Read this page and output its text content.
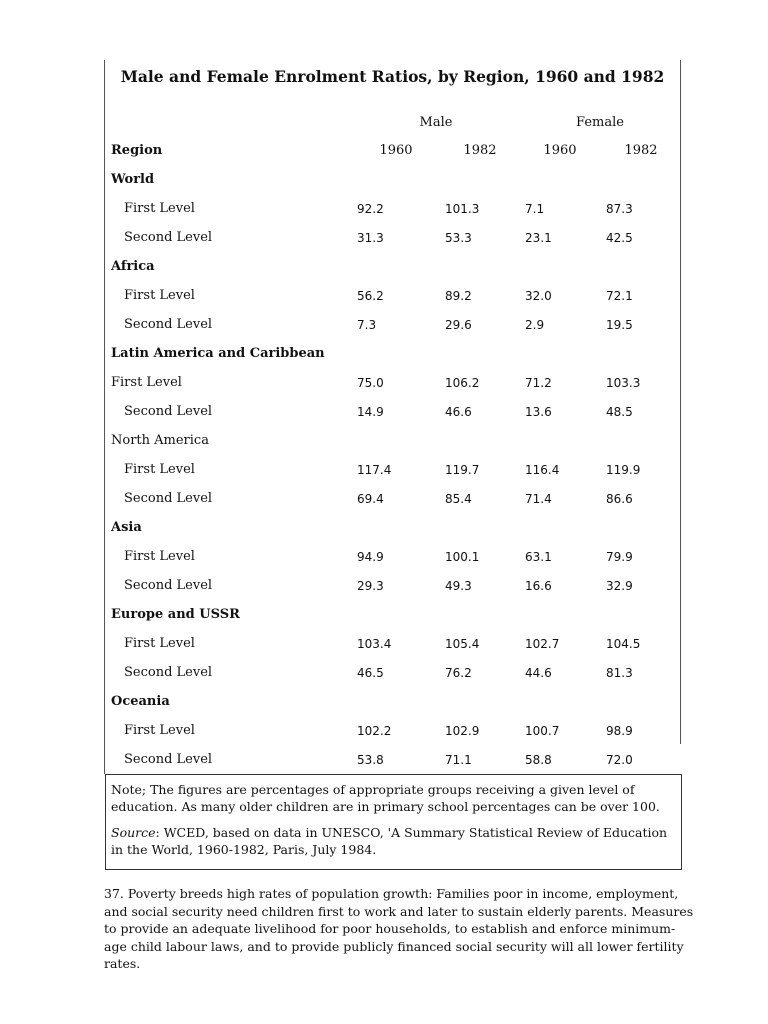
Male and Female Enrolment Ratios, by Region, 1960 and 1982
Male	Female
Region	1960	1982	1960	1982
World
First Level	92.2	101.3	7.1	87.3
Second Level	31.3	53.3	23.1	42.5
Africa
First Level	56.2	89.2	32.0	72.1
Second Level	7.3	29.6	2.9	19.5
Latin America and Caribbean
First Level	75.0	106.2	71.2	103.3
Second Level	14.9	46.6	13.6	48.5
North America
First Level	117.4	119.7	116.4	119.9
Second Level	69.4	85.4	71.4	86.6
Asia
First Level	94.9	100.1	63.1	79.9
Second Level	29.3	49.3	16.6	32.9
Europe and USSR
First Level	103.4	105.4	102.7	104.5
Second Level	46.5	76.2	44.6	81.3
Oceania
First Level	102.2	102.9	100.7	98.9
Second Level	53.8	71.1	58.8	72.0

Note; The figures are percentages of appropriate groups receiving a given level of education. As many older children are in primary school percentages can be over 100.

Source: WCED, based on data in UNESCO, 'A Summary Statistical Review of Education in the World, 1960-1982, Paris, July 1984.

37. Poverty breeds high rates of population growth: Families poor in income, employment, and social security need children first to work and later to sustain elderly parents. Measures to provide an adequate livelihood for poor households, to establish and enforce minimum-age child labour laws, and to provide publicly financed social security will all lower fertility rates.
